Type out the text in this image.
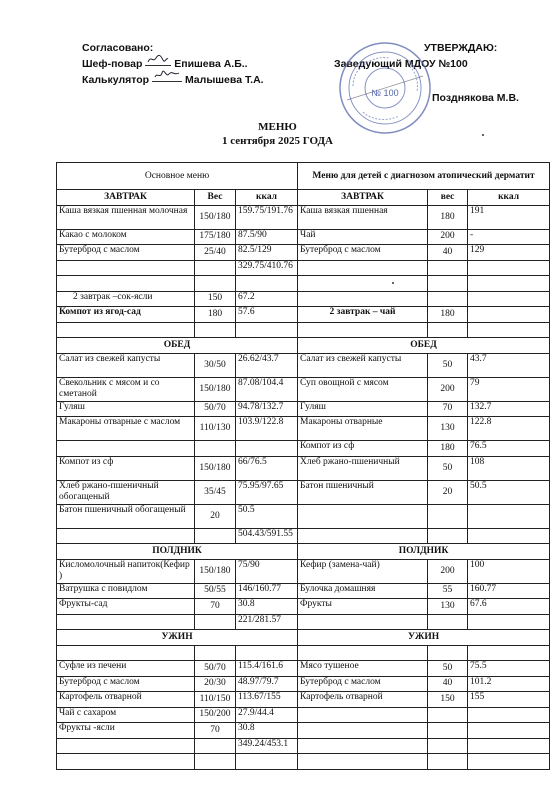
Согласовано:
Шеф-повар	Епишева А.Б..
Калькулятор	Малышева Т.А.
УТВЕРЖДАЮ:
Заведующий МДОУ №100
Позднякова М.В.
№ 100
МЕНЮ
1 сентября 2025 ГОДА
Основное меню			Меню для детей с диагнозом атопический дерматит		
ЗАВТРАК	Вес	ккал	ЗАВТРАК	вес	ккал
Каша вязкая пшенная молочная	150/180	159.75/191.76	Каша вязкая пшенная	180	191
Какао с молоком	175/180	87.5/90	Чай	200	-
Бутерброд с маслом	25/40	82.5/129	Бутерброд с маслом	40	129
		329.75/410.76			

2 завтрак –сок-ясли	150	67.2			
Компот из ягод-сад	180	57.6	2 завтрак – чай	180	

ОБЕД			ОБЕД		
Салат из свежей капусты	30/50	26.62/43.7	Салат из свежей капусты	50	43.7
Свекольник с мясом и со сметаной	150/180	87.08/104.4	Суп овощной с мясом	200	79
Гуляш	50/70	94.78/132.7	Гуляш	70	132.7
Макароны отварные с маслом	110/130	103.9/122.8	Макароны отварные	130	122.8
			Компот из сф	180	76.5
Компот из сф	150/180	66/76.5	Хлеб ржано-пшеничный	50	108
Хлеб ржано-пшеничный обогащеный	35/45	75.95/97.65	Батон пшеничный	20	50.5
Батон пшеничный обогащеный	20	50.5			
		504.43/591.55			
ПОЛДНИК			ПОЛДНИК		
Кисломолочный напиток(Кефир )	150/180	75/90	Кефир (замена-чай)	200	100
Ватрушка с повидлом	50/55	146/160.77	Булочка домашняя	55	160.77
Фрукты-сад	70	30.8	Фрукты	130	67.6
		221/281.57			
УЖИН			УЖИН		

Суфле из печени	50/70	115.4/161.6	Мясо тушеное	50	75.5
Бутерброд с маслом	20/30	48.97/79.7	Бутерброд с маслом	40	101.2
Картофель отварной	110/150	113.67/155	Картофель отварной	150	155
Чай с сахаром	150/200	27.9/44.4			
Фрукты -ясли	70	30.8			
		349.24/453.1			
